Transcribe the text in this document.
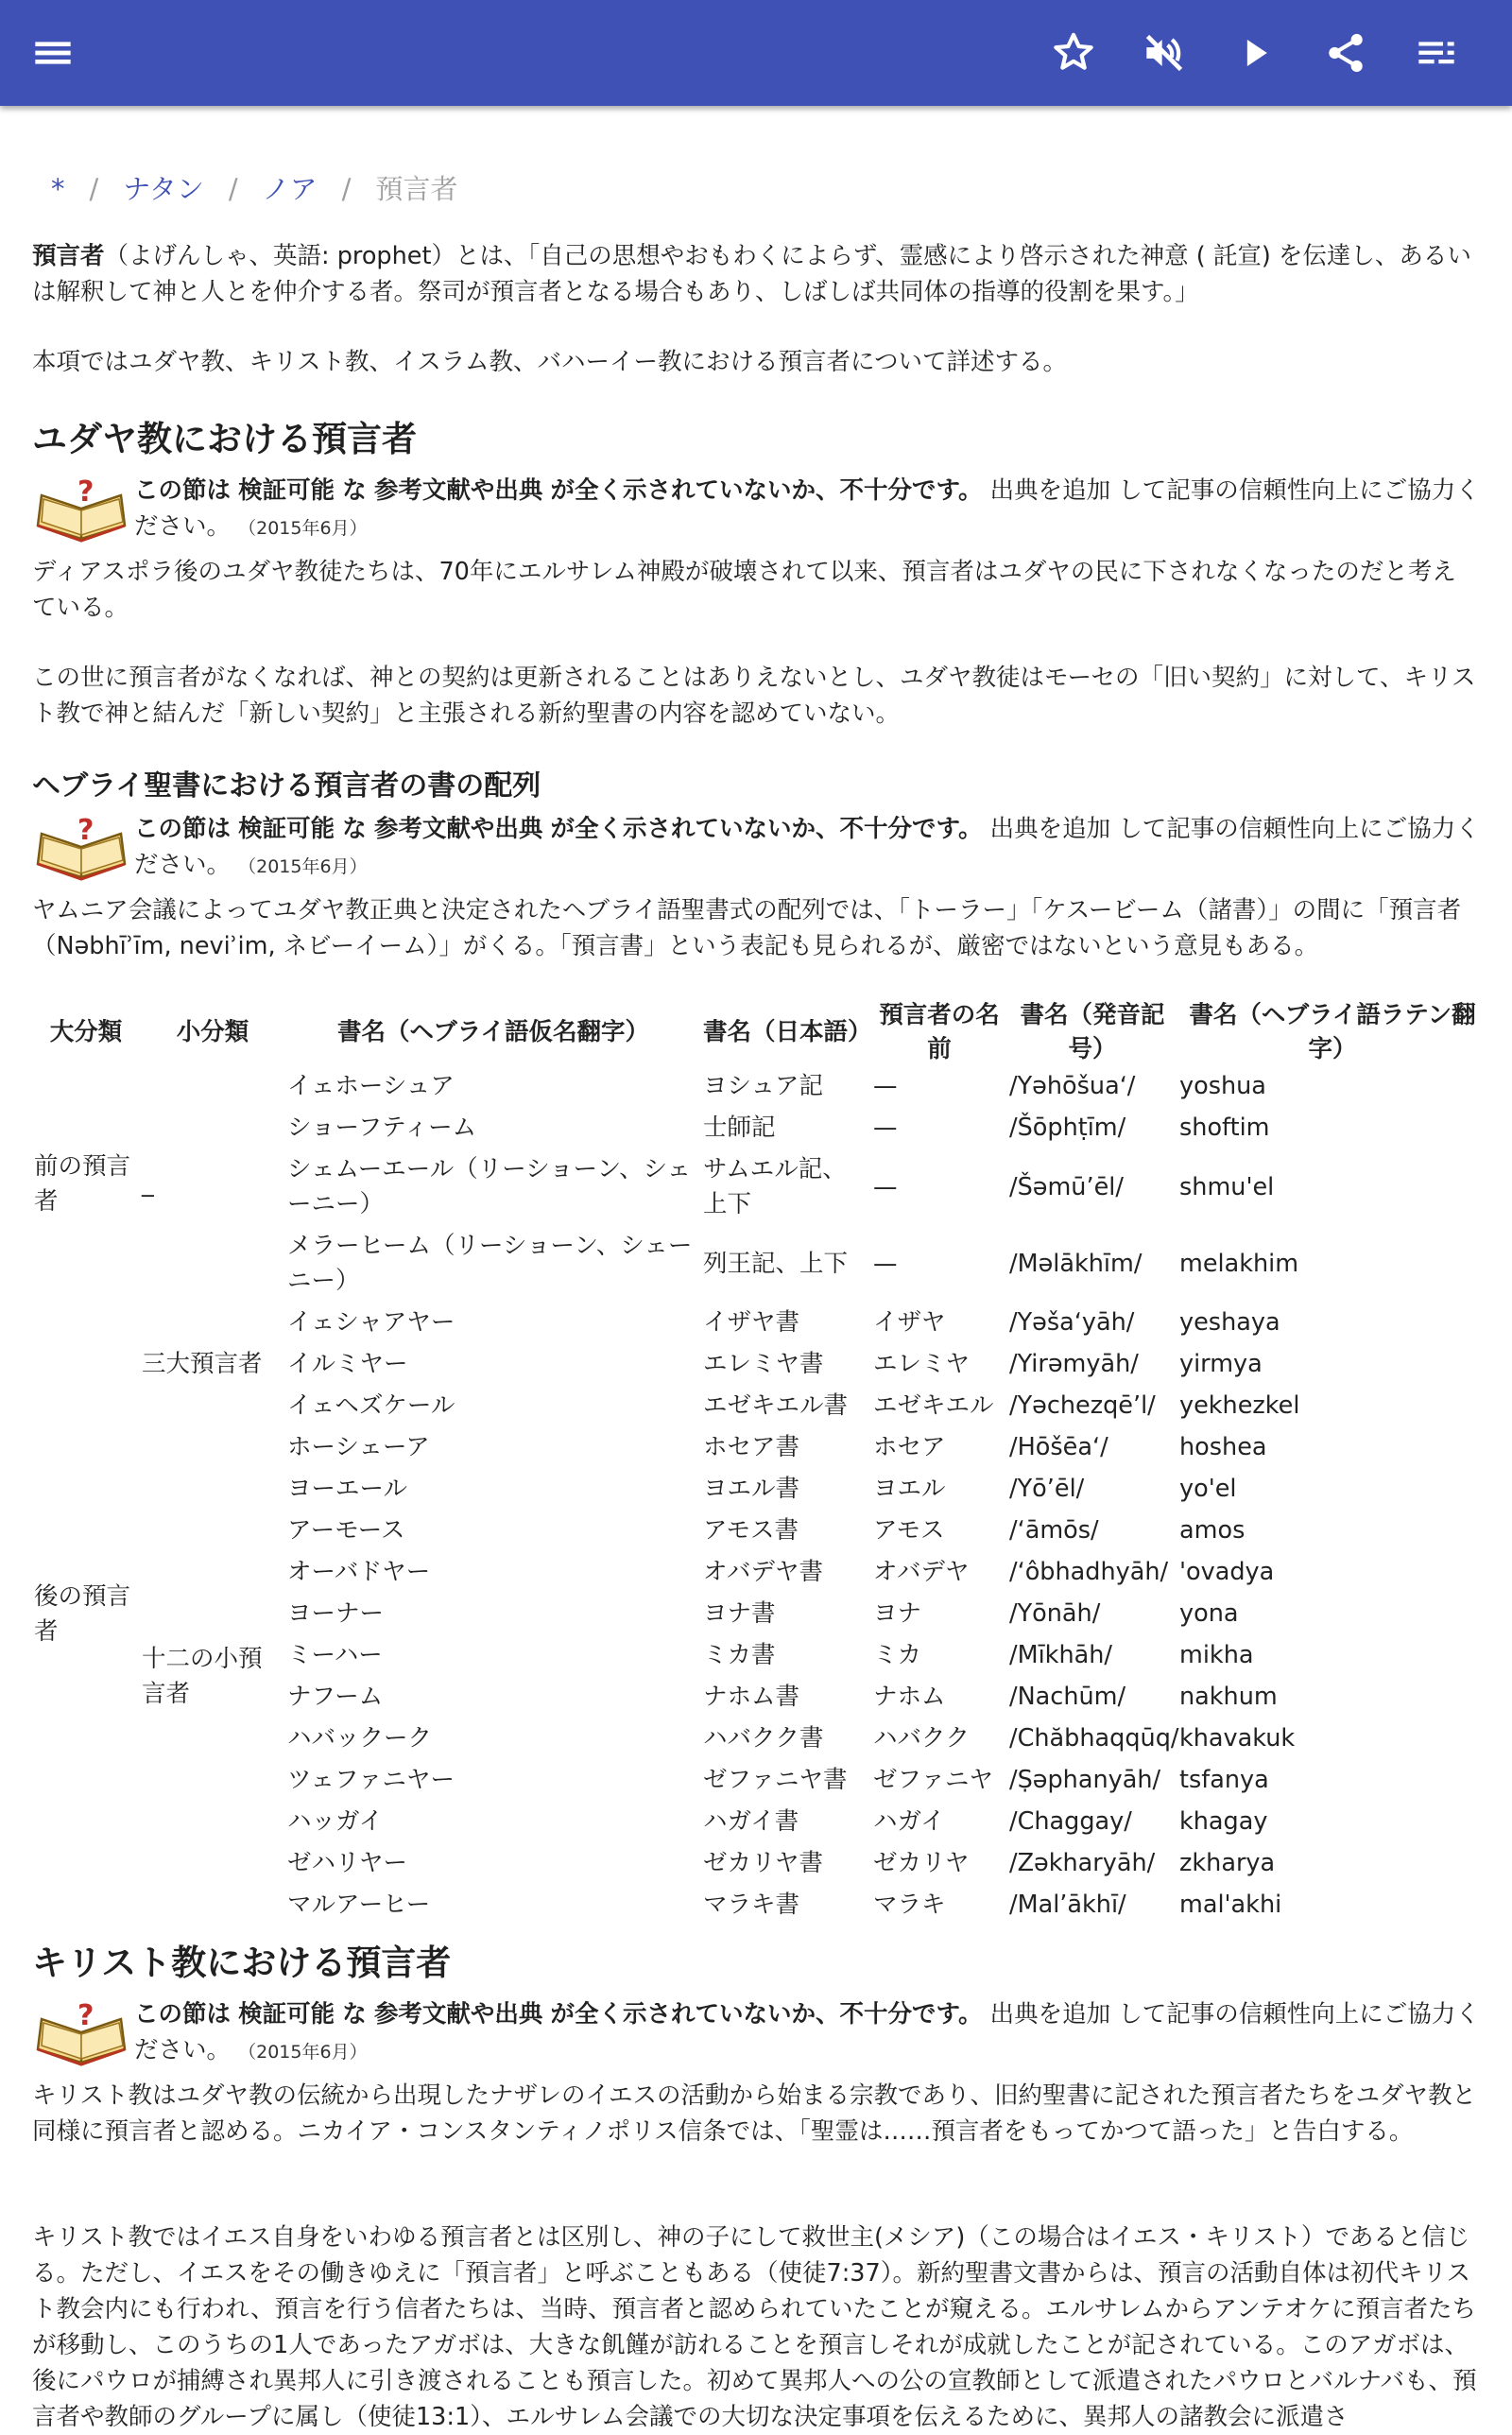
* / ナタン / ノア / 預言者

預言者（よげんしゃ、英語: prophet）とは、「自己の思想やおもわくによらず、霊感により啓示された神意 ( 託宣) を伝達し、あるいは解釈して神と人とを仲介する者。祭司が預言者となる場合もあり、しばしば共同体の指導的役割を果す。」

本項ではユダヤ教、キリスト教、イスラム教、バハーイー教における預言者について詳述する。

ユダヤ教における預言者
? この節は 検証可能 な 参考文献や出典 が全く示されていないか、不十分です。 出典を追加 して記事の信頼性向上にご協力ください。 （2015年6月）

ディアスポラ後のユダヤ教徒たちは、70年にエルサレム神殿が破壊されて以来、預言者はユダヤの民に下されなくなったのだと考えている。

この世に預言者がなくなれば、神との契約は更新されることはありえないとし、ユダヤ教徒はモーセの「旧い契約」に対して、キリスト教で神と結んだ「新しい契約」と主張される新約聖書の内容を認めていない。

ヘブライ聖書における預言者の書の配列
? この節は 検証可能 な 参考文献や出典 が全く示されていないか、不十分です。 出典を追加 して記事の信頼性向上にご協力ください。 （2015年6月）

ヤムニア会議によってユダヤ教正典と決定されたヘブライ語聖書式の配列では、「トーラー」「ケスービーム（諸書）」の間に「預言者（Nəbhīʾīm, neviʾim, ネビーイーム）」がくる。「預言書」という表記も見られるが、厳密ではないという意見もある。

大分類	小分類	書名（ヘブライ語仮名翻字）	書名（日本語）	預言者の名前	書名（発音記号）	書名（ヘブライ語ラテン翻字）
前の預言者	_	イェホーシュア	ヨシュア記	—	/Yəhōšuaʻ/	yoshua
		ショーフティーム	士師記	—	/Šōphṭīm/	shoftim
		シェムーエール（リーショーン、シェーニー）	サムエル記、上下	—	/Šəmūʼēl/	shmu'el
		メラーヒーム（リーショーン、シェーニー）	列王記、上下	—	/Məlākhīm/	melakhim
後の預言者	三大預言者	イェシャアヤー	イザヤ書	イザヤ	/Yəšaʻyāh/	yeshaya
		イルミヤー	エレミヤ書	エレミヤ	/Yirəmyāh/	yirmya
		イェヘズケール	エゼキエル書	エゼキエル	/Yəchezqēʼl/	yekhezkel
	十二の小預言者	ホーシェーア	ホセア書	ホセア	/Hōšēaʻ/	hoshea
		ヨーエール	ヨエル書	ヨエル	/Yōʼēl/	yo'el
		アーモース	アモス書	アモス	/ʻāmōs/	amos
		オーバドヤー	オバデヤ書	オバデヤ	/ʻôbhadhyāh/	'ovadya
		ヨーナー	ヨナ書	ヨナ	/Yōnāh/	yona
		ミーハー	ミカ書	ミカ	/Mīkhāh/	mikha
		ナフーム	ナホム書	ナホム	/Nachūm/	nakhum
		ハバックーク	ハバクク書	ハバクク	/Chăbhaqqūq/	khavakuk
		ツェファニヤー	ゼファニヤ書	ゼファニヤ	/Ṣəphanyāh/	tsfanya
		ハッガイ	ハガイ書	ハガイ	/Chaggay/	khagay
		ゼハリヤー	ゼカリヤ書	ゼカリヤ	/Zəkharyāh/	zkharya
		マルアーヒー	マラキ書	マラキ	/Malʼākhī/	mal'akhi
キリスト教における預言者
? この節は 検証可能 な 参考文献や出典 が全く示されていないか、不十分です。 出典を追加 して記事の信頼性向上にご協力ください。 （2015年6月）

キリスト教はユダヤ教の伝統から出現したナザレのイエスの活動から始まる宗教であり、旧約聖書に記された預言者たちをユダヤ教と同様に預言者と認める。ニカイア・コンスタンティノポリス信条では、「聖霊は……預言者をもってかつて語った」と告白する。

キリスト教ではイエス自身をいわゆる預言者とは区別し、神の子にして救世主(メシア)（この場合はイエス・キリスト）であると信じる。ただし、イエスをその働きゆえに「預言者」と呼ぶこともある（使徒7:37）。新約聖書文書からは、預言の活動自体は初代キリスト教会内にも行われ、預言を行う信者たちは、当時、預言者と認められていたことが窺える。エルサレムからアンテオケに預言者たちが移動し、このうちの1人であったアガボは、大きな飢饉が訪れることを預言しそれが成就したことが記されている。このアガボは、後にパウロが捕縛され異邦人に引き渡されることも預言した。初めて異邦人への公の宣教師として派遣されたパウロとバルナバも、預言者や教師のグループに属し（使徒13:1）、エルサレム会議での大切な決定事項を伝えるために、異邦人の諸教会に派遣さ
